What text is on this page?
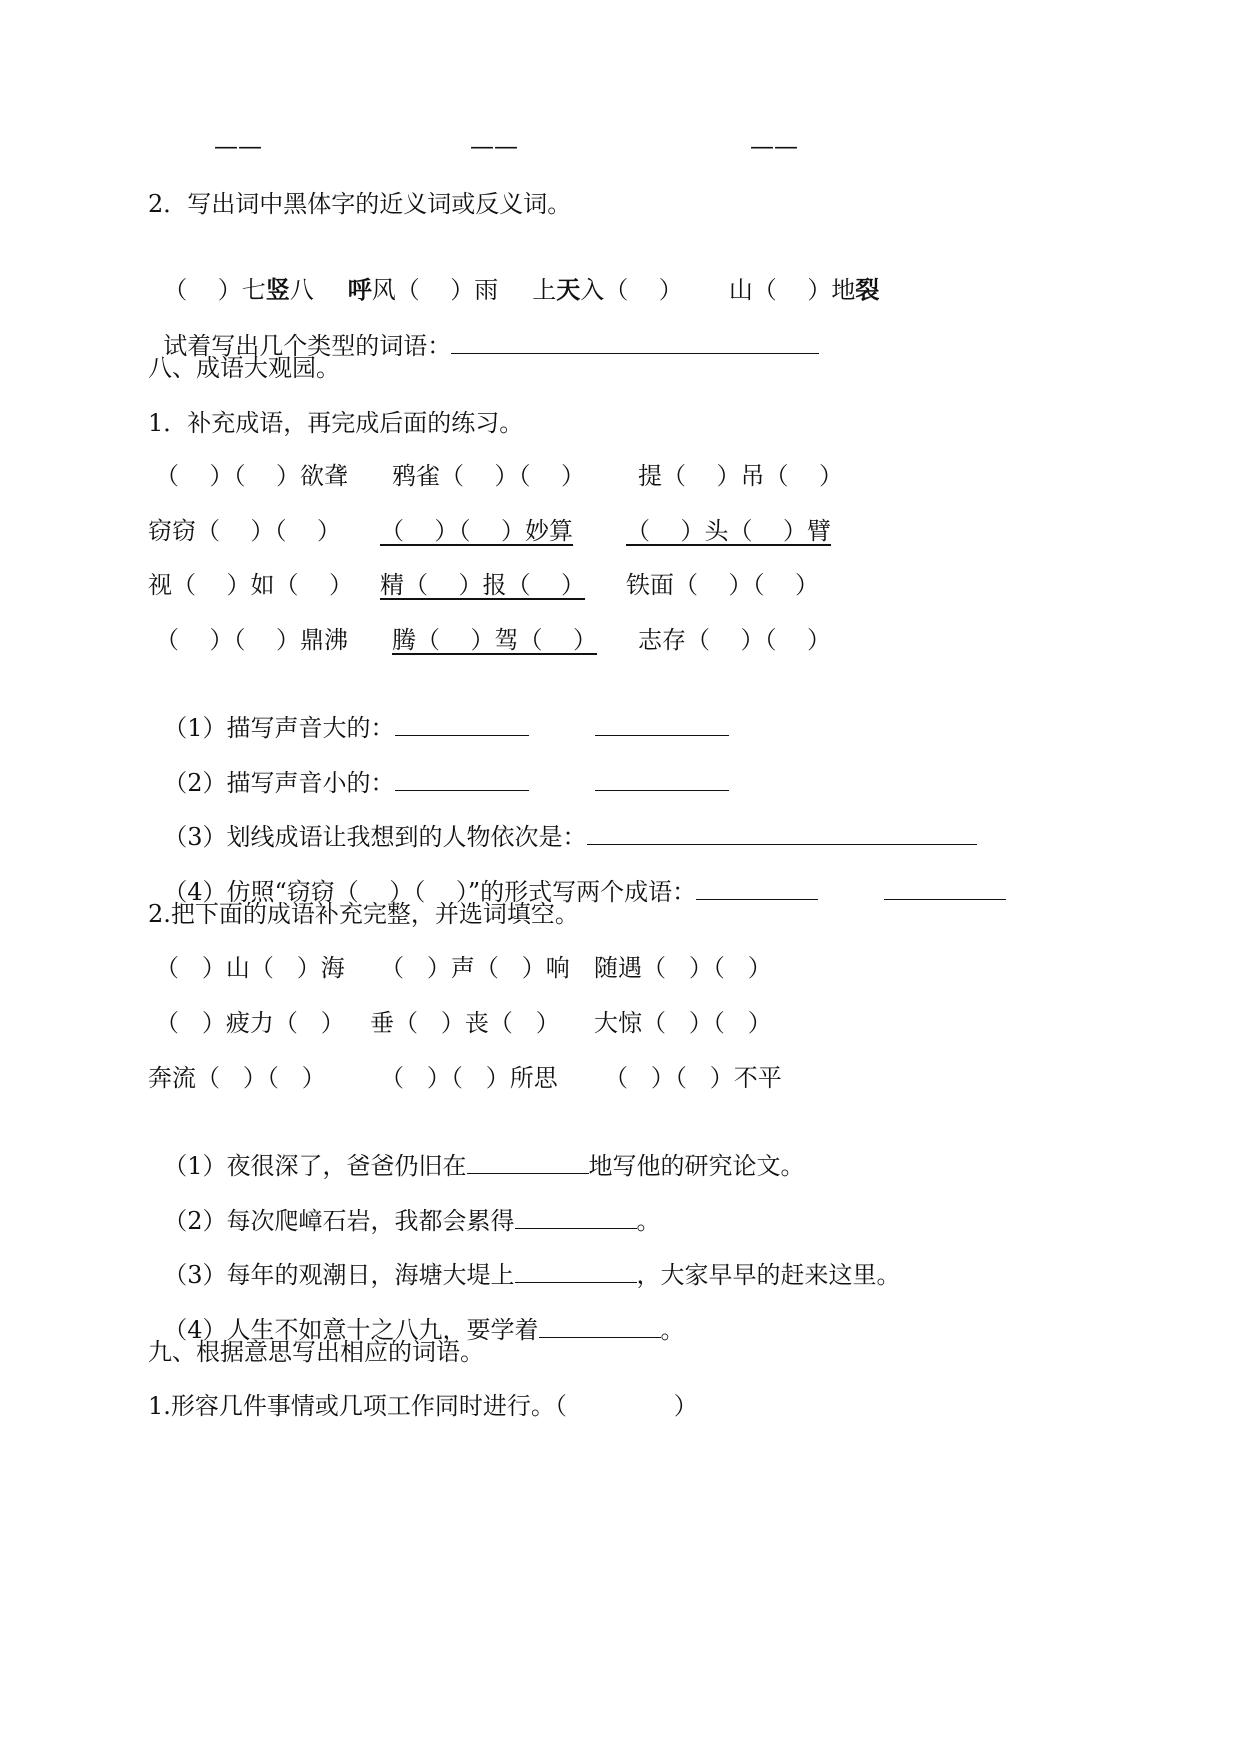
——	——	——
2．写出词中黑体字的近义词或反义词。

（    ）七竖八 呼风（    ）雨 上天入（    ） 山（    ）地裂

试着写出几个类型的词语：

八、成语大观园。
1．补充成语，再完成后面的练习。
（    ）（    ）欲聋 鸦雀（    ）（    ） 提（    ）吊（    ）
窃窃（    ）（    ） （    ）（    ）妙算 （    ）头（    ）臂
视（    ）如（    ） 精（    ）报（    ） 铁面（    ）（    ）
（    ）（    ）鼎沸 腾（    ）驾（    ） 志存（    ）（    ）

（1）描写声音大的：

（2）描写声音小的：

（3）划线成语让我想到的人物依次是：

（4）仿照“窃窃（    ）（    ）”的形式写两个成语：

2.把下面的成语补充完整，并选词填空。
（   ）山（   ）海 （   ）声（   ）响 随遇（   ）（   ）
（   ）疲力（   ） 垂（   ）丧（   ） 大惊（   ）（   ）
奔流（   ）（   ） （   ）（   ）所思 （   ）（   ）不平

（1）夜很深了，爸爸仍旧在	地写他的研究论文。

（2）每次爬嶂石岩，我都会累得	。

（3）每年的观潮日，海塘大堤上	，大家早早的赶来这里。

（4）人生不如意十之八九，要学着	。

九、根据意思写出相应的词语。
1.形容几件事情或几项工作同时进行。（              ）
